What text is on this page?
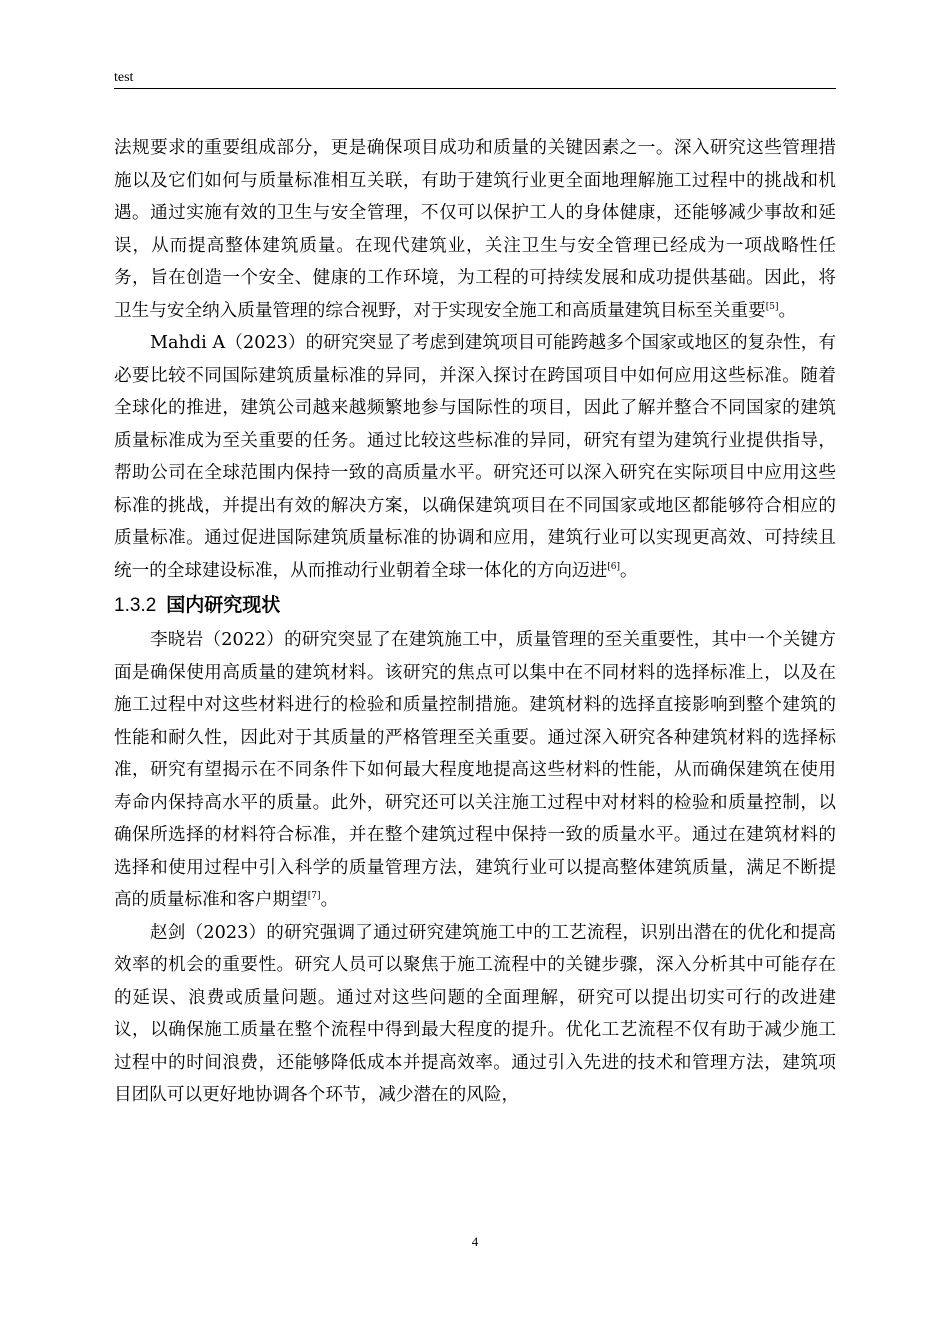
test

法规要求的重要组成部分，更是确保项目成功和质量的关键因素之一。深入研究这些管理措施以及它们如何与质量标准相互关联，有助于建筑行业更全面地理解施工过程中的挑战和机遇。通过实施有效的卫生与安全管理，不仅可以保护工人的身体健康，还能够减少事故和延误，从而提高整体建筑质量。在现代建筑业，关注卫生与安全管理已经成为一项战略性任务，旨在创造一个安全、健康的工作环境，为工程的可持续发展和成功提供基础。因此，将卫生与安全纳入质量管理的综合视野，对于实现安全施工和高质量建筑目标至关重要[5]。

Mahdi A（2023）的研究突显了考虑到建筑项目可能跨越多个国家或地区的复杂性，有必要比较不同国际建筑质量标准的异同，并深入探讨在跨国项目中如何应用这些标准。随着全球化的推进，建筑公司越来越频繁地参与国际性的项目，因此了解并整合不同国家的建筑质量标准成为至关重要的任务。通过比较这些标准的异同，研究有望为建筑行业提供指导，帮助公司在全球范围内保持一致的高质量水平。研究还可以深入研究在实际项目中应用这些标准的挑战，并提出有效的解决方案，以确保建筑项目在不同国家或地区都能够符合相应的质量标准。通过促进国际建筑质量标准的协调和应用，建筑行业可以实现更高效、可持续且统一的全球建设标准，从而推动行业朝着全球一体化的方向迈进[6]。

1.3.2 国内研究现状

李晓岩（2022）的研究突显了在建筑施工中，质量管理的至关重要性，其中一个关键方面是确保使用高质量的建筑材料。该研究的焦点可以集中在不同材料的选择标准上，以及在施工过程中对这些材料进行的检验和质量控制措施。建筑材料的选择直接影响到整个建筑的性能和耐久性，因此对于其质量的严格管理至关重要。通过深入研究各种建筑材料的选择标准，研究有望揭示在不同条件下如何最大程度地提高这些材料的性能，从而确保建筑在使用寿命内保持高水平的质量。此外，研究还可以关注施工过程中对材料的检验和质量控制，以确保所选择的材料符合标准，并在整个建筑过程中保持一致的质量水平。通过在建筑材料的选择和使用过程中引入科学的质量管理方法，建筑行业可以提高整体建筑质量，满足不断提高的质量标准和客户期望[7]。

赵剑（2023）的研究强调了通过研究建筑施工中的工艺流程，识别出潜在的优化和提高效率的机会的重要性。研究人员可以聚焦于施工流程中的关键步骤，深入分析其中可能存在的延误、浪费或质量问题。通过对这些问题的全面理解，研究可以提出切实可行的改进建议，以确保施工质量在整个流程中得到最大程度的提升。优化工艺流程不仅有助于减少施工过程中的时间浪费，还能够降低成本并提高效率。通过引入先进的技术和管理方法，建筑项目团队可以更好地协调各个环节，减少潜在的风险，

4
